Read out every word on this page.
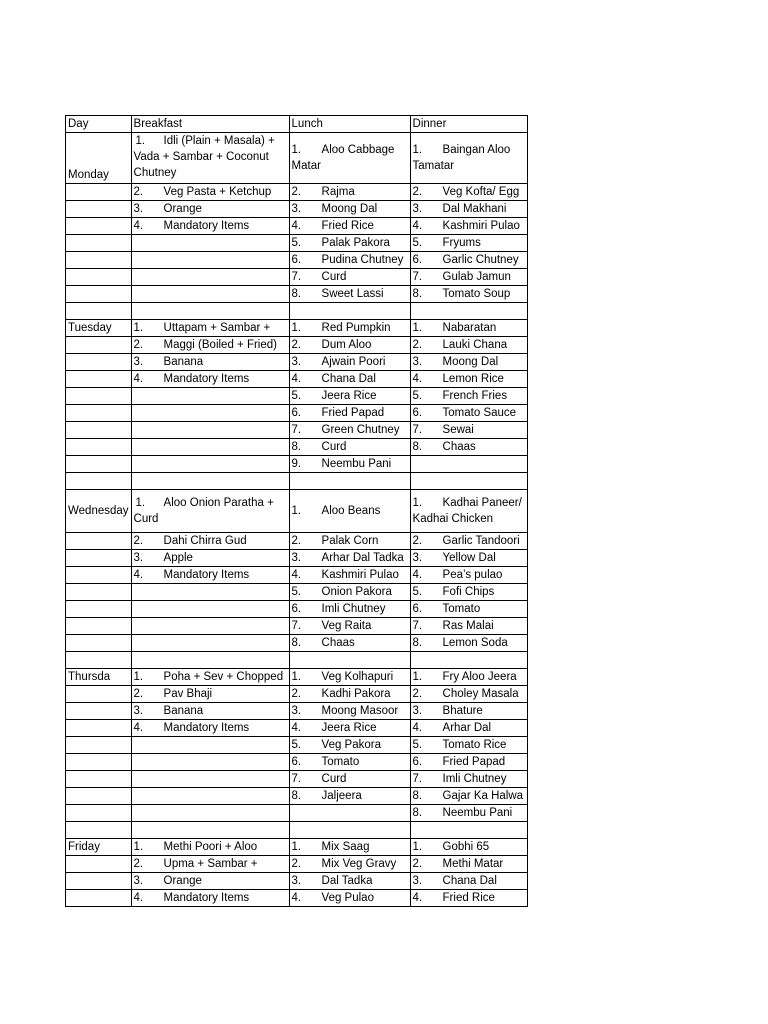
Day	Breakfast	Lunch	Dinner
Monday	1. Idli (Plain + Masala) + Vada + Sambar + Coconut Chutney	1. Aloo Cabbage Matar	1. Baingan Aloo Tamatar
	2. Veg Pasta + Ketchup	2. Rajma	2. Veg Kofta/ Egg
	3. Orange	3. Moong Dal	3. Dal Makhani
	4. Mandatory Items	4. Fried Rice	4. Kashmiri Pulao
		5. Palak Pakora	5. Fryums
		6. Pudina Chutney	6. Garlic Chutney
		7. Curd	7. Gulab Jamun
		8. Sweet Lassi	8. Tomato Soup

Tuesday	1. Uttapam + Sambar +	1. Red Pumpkin	1. Nabaratan
	2. Maggi (Boiled + Fried)	2. Dum Aloo	2. Lauki Chana
	3. Banana	3. Ajwain Poori	3. Moong Dal
	4. Mandatory Items	4. Chana Dal	4. Lemon Rice
		5. Jeera Rice	5. French Fries
		6. Fried Papad	6. Tomato Sauce
		7. Green Chutney	7. Sewai
		8. Curd	8. Chaas
		9. Neembu Pani	

Wednesday	1. Aloo Onion Paratha + Curd	1. Aloo Beans	1. Kadhai Paneer/ Kadhai Chicken
	2. Dahi Chirra Gud	2. Palak Corn	2. Garlic Tandoori
	3. Apple	3. Arhar Dal Tadka	3. Yellow Dal
	4. Mandatory Items	4. Kashmiri Pulao	4. Pea’s pulao
		5. Onion Pakora	5. Fofi Chips
		6. Imli Chutney	6. Tomato
		7. Veg Raita	7. Ras Malai
		8. Chaas	8. Lemon Soda

Thursda	1. Poha + Sev + Chopped	1. Veg Kolhapuri	1. Fry Aloo Jeera
	2. Pav Bhaji	2. Kadhi Pakora	2. Choley Masala
	3. Banana	3. Moong Masoor	3. Bhature
	4. Mandatory Items	4. Jeera Rice	4. Arhar Dal
		5. Veg Pakora	5. Tomato Rice
		6. Tomato	6. Fried Papad
		7. Curd	7. Imli Chutney
		8. Jaljeera	8. Gajar Ka Halwa
			8. Neembu Pani

Friday	1. Methi Poori + Aloo	1. Mix Saag	1. Gobhi 65
	2. Upma + Sambar +	2. Mix Veg Gravy	2. Methi Matar
	3. Orange	3. Dal Tadka	3. Chana Dal
	4. Mandatory Items	4. Veg Pulao	4. Fried Rice
